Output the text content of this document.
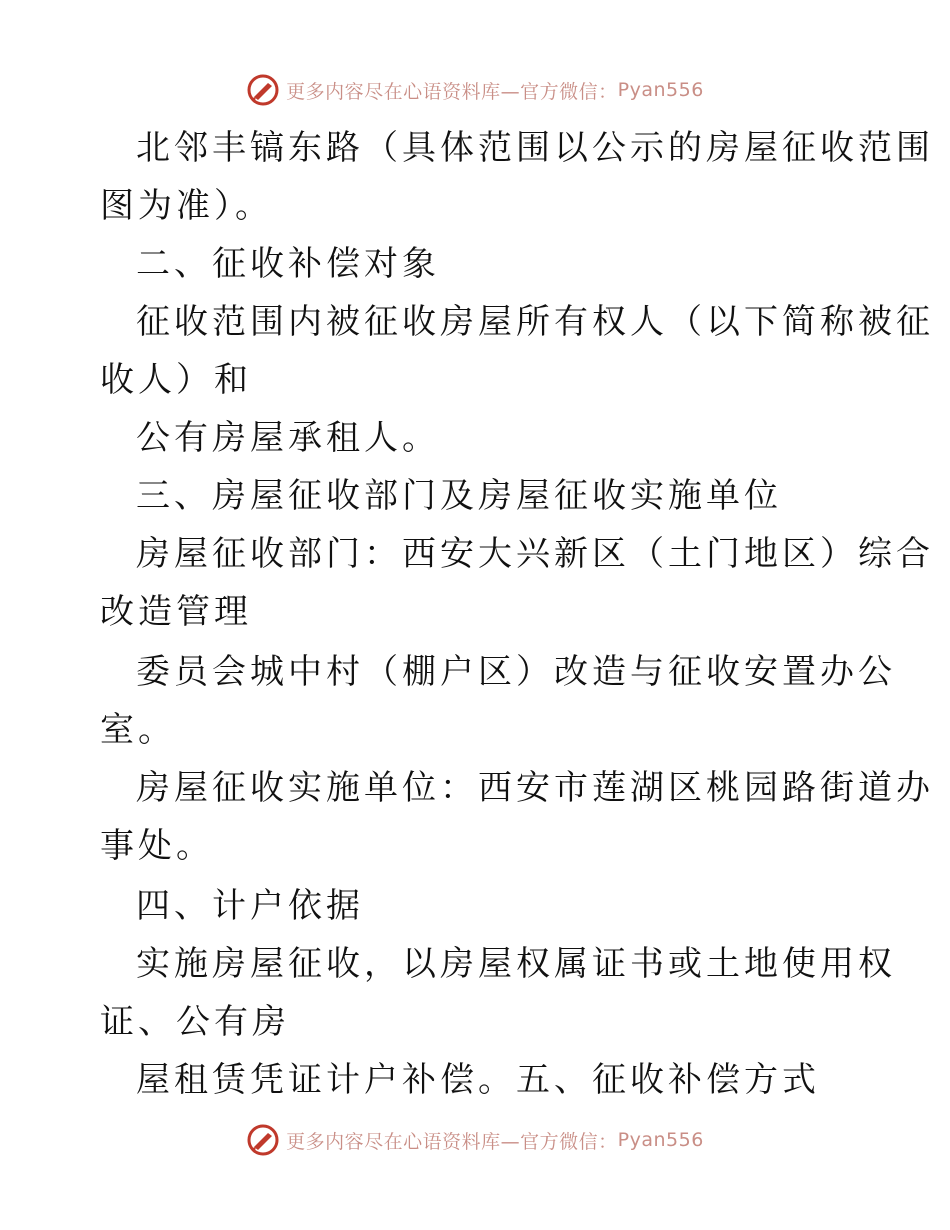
更多内容尽在心语资料库—官方微信： Pyan556
北邻丰镐东路（具体范围以公示的房屋征收范围
图为准）。
二、征收补偿对象
征收范围内被征收房屋所有权人（以下简称被征
收人）和
公有房屋承租人。
三、房屋征收部门及房屋征收实施单位
房屋征收部门：西安大兴新区（土门地区）综合
改造管理
委员会城中村（棚户区）改造与征收安置办公
室。
房屋征收实施单位：西安市莲湖区桃园路街道办
事处。
四、计户依据
实施房屋征收，以房屋权属证书或土地使用权
证、公有房
屋租赁凭证计户补偿。五、征收补偿方式
更多内容尽在心语资料库—官方微信： Pyan556
